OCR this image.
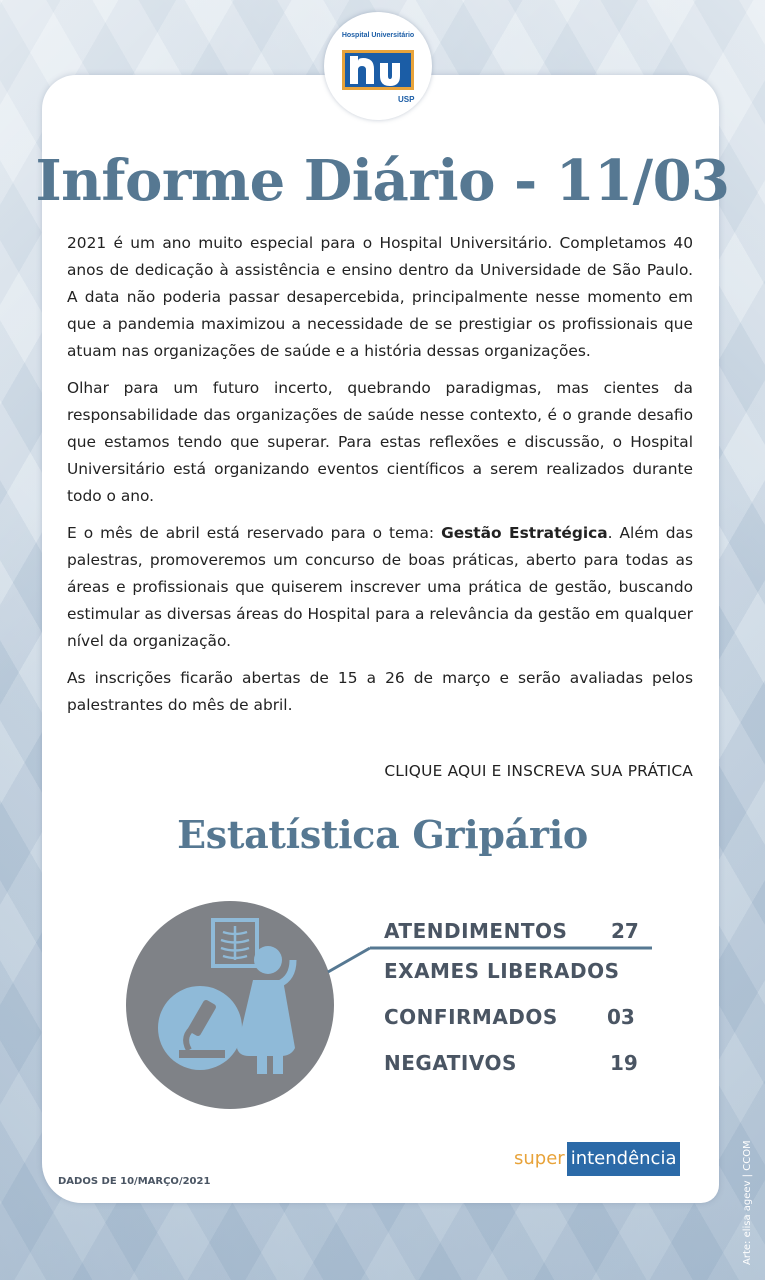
Hospital Universitário
USP
Informe Diário - 11/03

2021 é um ano muito especial para o Hospital Universitário. Completamos 40 anos de dedicação à assistência e ensino dentro da Universidade de São Paulo. A data não poderia passar desapercebida, principalmente nesse momento em que a pandemia maximizou a necessidade de se prestigiar os profissionais que atuam nas organizações de saúde e a história dessas organizações.

Olhar para um futuro incerto, quebrando paradigmas, mas cientes da responsabilidade das organizações de saúde nesse contexto, é o grande desafio que estamos tendo que superar. Para estas reflexões e discussão, o Hospital Universitário está organizando eventos científicos a serem realizados durante todo o ano.

E o mês de abril está reservado para o tema: Gestão Estratégica. Além das palestras, promoveremos um concurso de boas práticas, aberto para todas as áreas e profissionais que quiserem inscrever uma prática de gestão, buscando estimular as diversas áreas do Hospital para a relevância da gestão em qualquer nível da organização.

As inscrições ficarão abertas de 15 a 26 de março e serão avaliadas pelos palestrantes do mês de abril.

CLIQUE AQUI E INSCREVA SUA PRÁTICA
Estatística Gripário
ATENDIMENTOS 27
EXAMES LIBERADOS
CONFIRMADOS 03
NEGATIVOS	19
DADOS DE 10/MARÇO/2021
super intendência	Arte: elisa ageev | CCOM
